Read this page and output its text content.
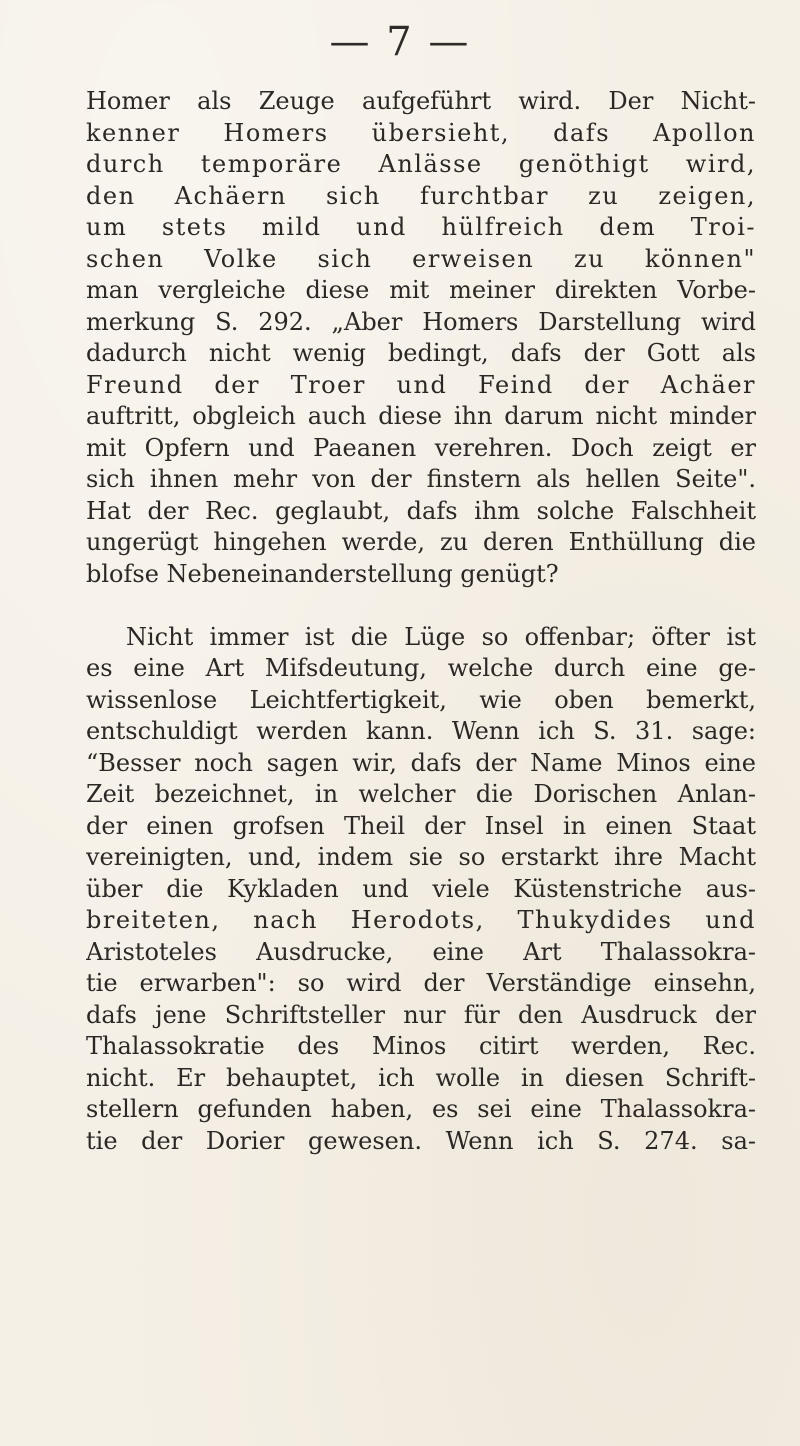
— 7 —
Homer als Zeuge aufgeführt wird. Der Nicht-
kenner Homers übersieht, dafs Apollon
durch temporäre Anlässe genöthigt wird,
den Achäern sich furchtbar zu zeigen,
um stets mild und hülfreich dem Troi-
schen Volke sich erweisen zu können"
man vergleiche diese mit meiner direkten Vorbe-
merkung S. 292. „Aber Homers Darstellung wird
dadurch nicht wenig bedingt, dafs der Gott als
Freund der Troer und Feind der Achäer
auftritt, obgleich auch diese ihn darum nicht minder
mit Opfern und Paeanen verehren. Doch zeigt er
sich ihnen mehr von der finstern als hellen Seite".
Hat der Rec. geglaubt, dafs ihm solche Falschheit
ungerügt hingehen werde, zu deren Enthüllung die
blofse Nebeneinanderstellung genügt?
Nicht immer ist die Lüge so offenbar; öfter ist
es eine Art Mifsdeutung, welche durch eine ge-
wissenlose Leichtfertigkeit, wie oben bemerkt,
entschuldigt werden kann. Wenn ich S. 31. sage:
“Besser noch sagen wir, dafs der Name Minos eine
Zeit bezeichnet, in welcher die Dorischen Anlan-
der einen grofsen Theil der Insel in einen Staat
vereinigten, und, indem sie so erstarkt ihre Macht
über die Kykladen und viele Küstenstriche aus-
breiteten, nach Herodots, Thukydides und
Aristoteles Ausdrucke, eine Art Thalassokra-
tie erwarben": so wird der Verständige einsehn,
dafs jene Schriftsteller nur für den Ausdruck der
Thalassokratie des Minos citirt werden, Rec.
nicht. Er behauptet, ich wolle in diesen Schrift-
stellern gefunden haben, es sei eine Thalassokra-
tie der Dorier gewesen. Wenn ich S. 274. sa-
